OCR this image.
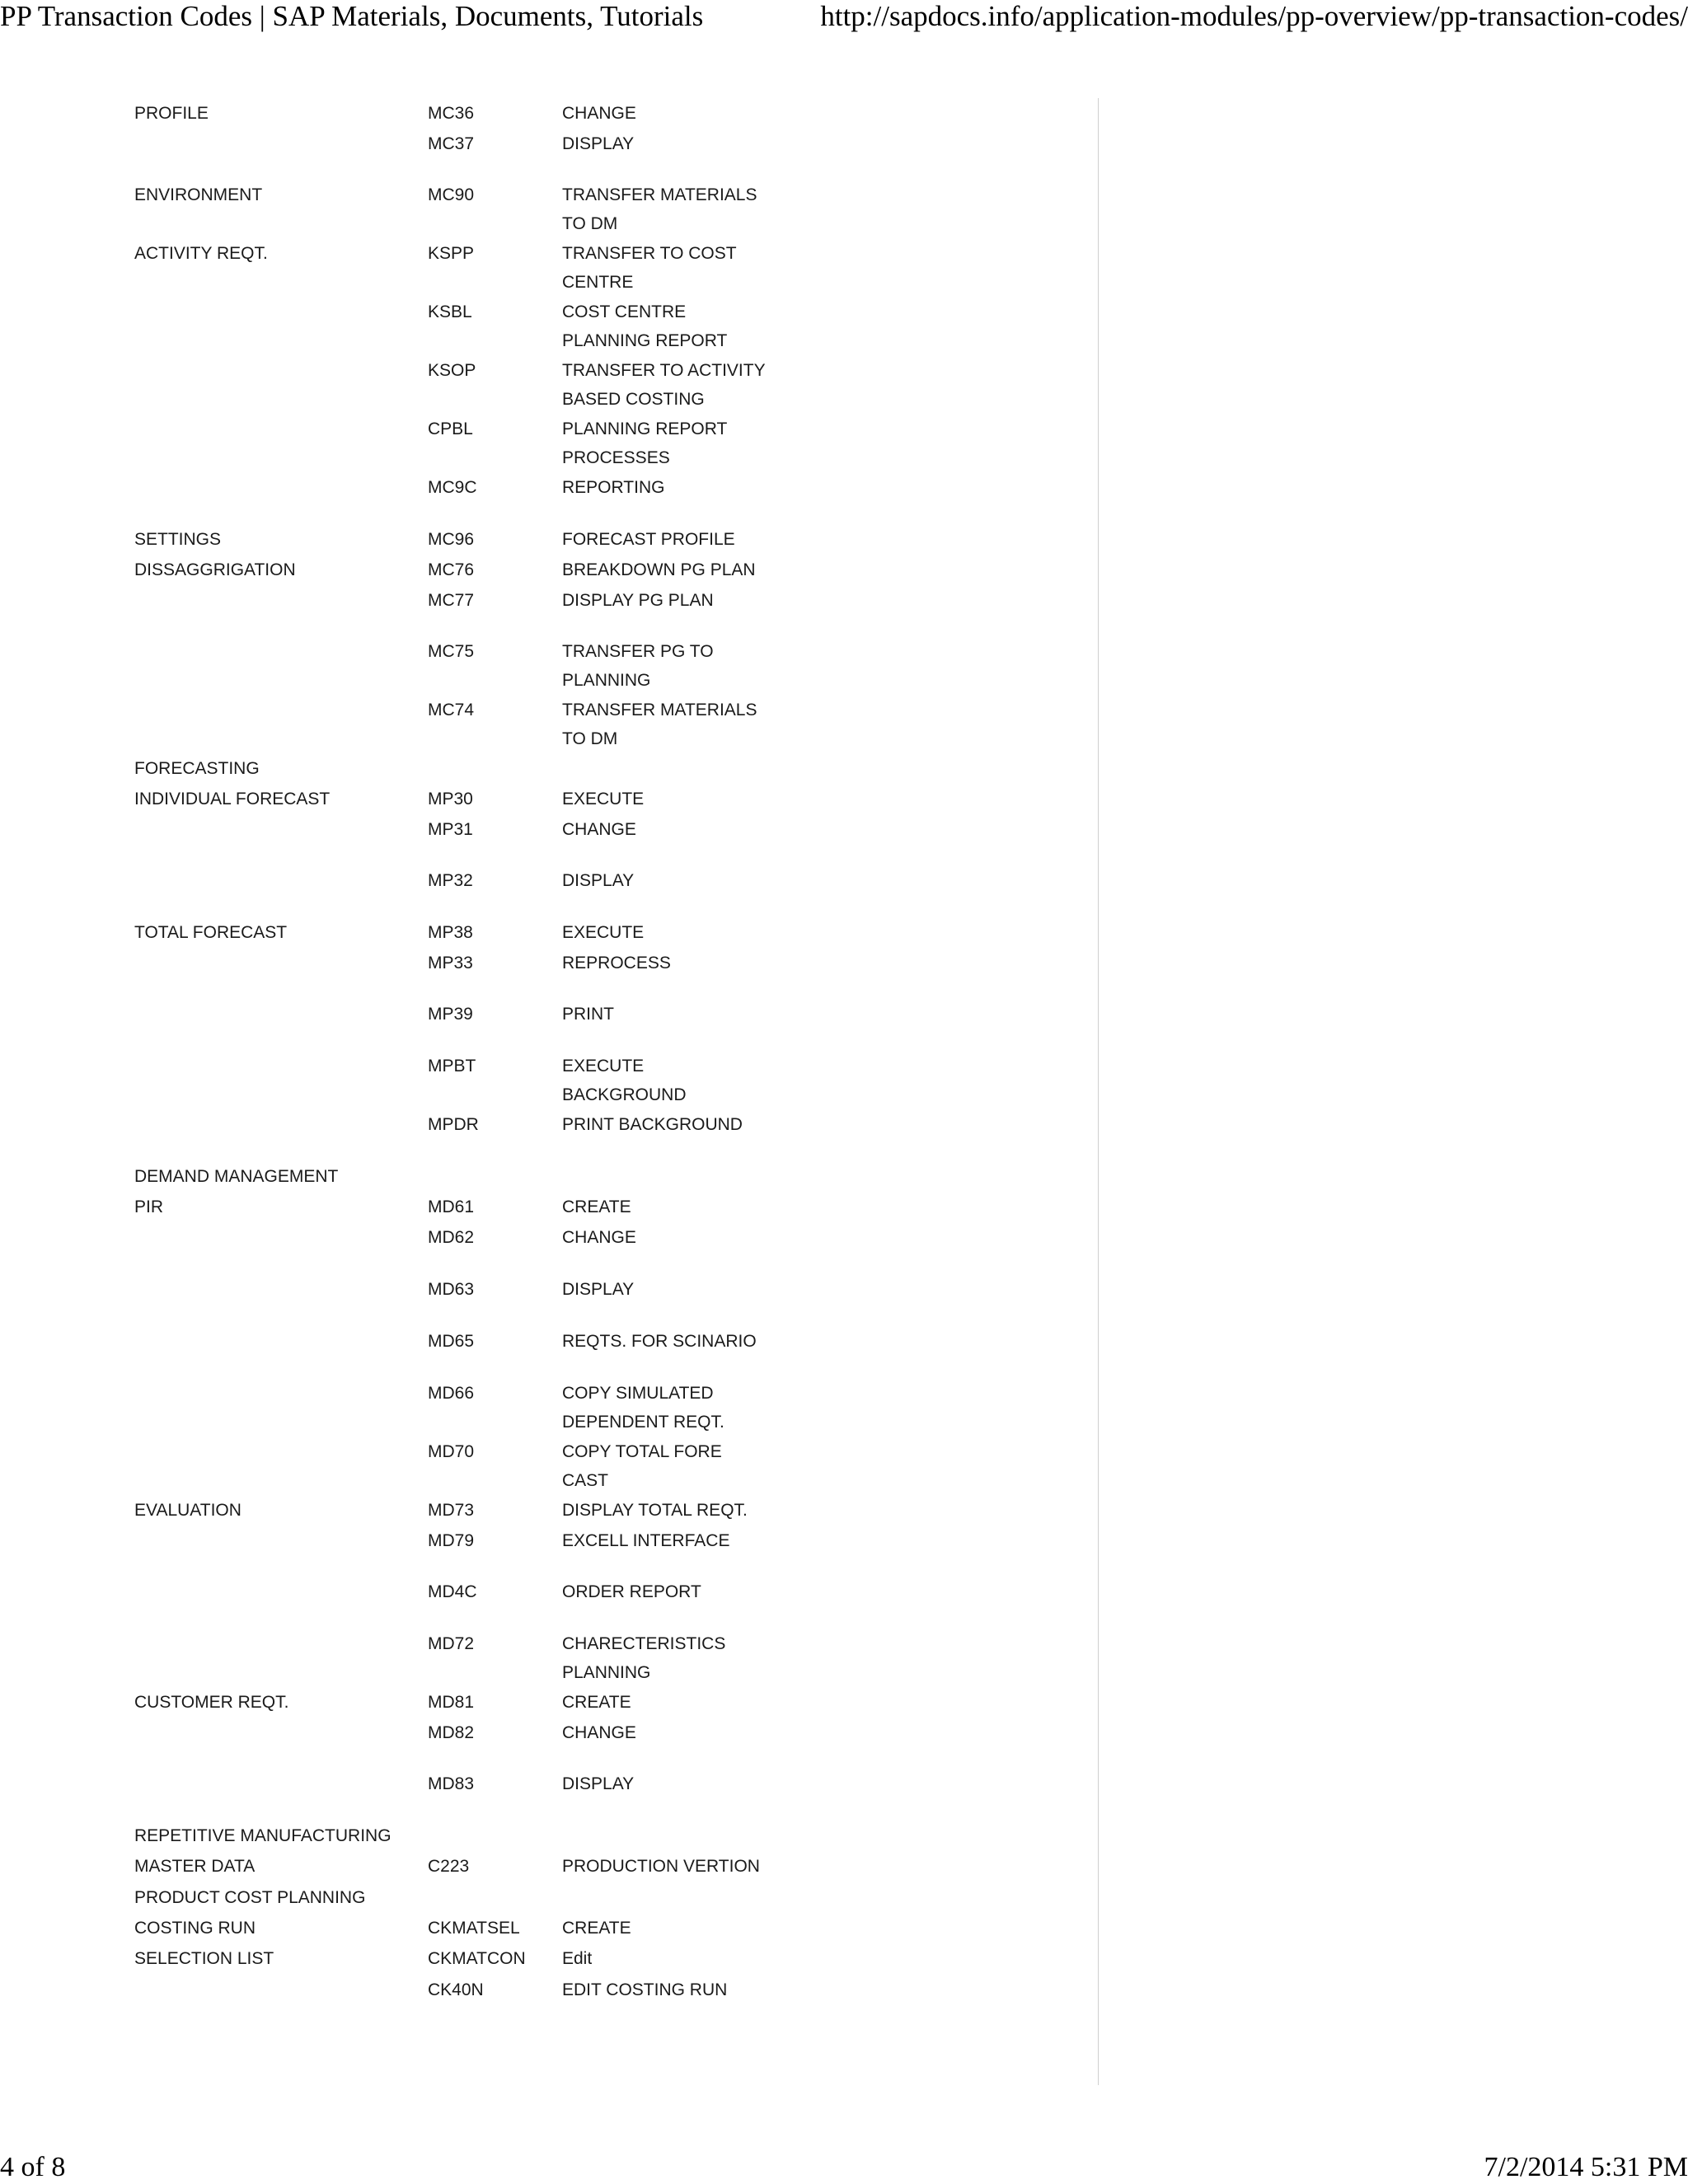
PP Transaction Codes | SAP Materials, Documents, Tutorials	http://sapdocs.info/application-modules/pp-overview/pp-transaction-codes/
PROFILE	MC36	CHANGE
MC37	DISPLAY
ENVIRONMENT	MC90	TRANSFER MATERIALS
TO DM
ACTIVITY REQT.	KSPP	TRANSFER TO COST
CENTRE
KSBL	COST CENTRE
PLANNING REPORT
KSOP	TRANSFER TO ACTIVITY
BASED COSTING
CPBL	PLANNING REPORT
PROCESSES
MC9C	REPORTING
SETTINGS	MC96	FORECAST PROFILE
DISSAGGRIGATION	MC76	BREAKDOWN PG PLAN
MC77	DISPLAY PG PLAN
MC75	TRANSFER PG TO
PLANNING
MC74	TRANSFER MATERIALS
TO DM
FORECASTING
INDIVIDUAL FORECAST	MP30	EXECUTE
MP31	CHANGE
MP32	DISPLAY
TOTAL FORECAST	MP38	EXECUTE
MP33	REPROCESS
MP39	PRINT
MPBT	EXECUTE
BACKGROUND
MPDR	PRINT BACKGROUND
DEMAND MANAGEMENT
PIR	MD61	CREATE
MD62	CHANGE
MD63	DISPLAY
MD65	REQTS. FOR SCINARIO
MD66	COPY SIMULATED
DEPENDENT REQT.
MD70	COPY TOTAL FORE
CAST
EVALUATION	MD73	DISPLAY TOTAL REQT.
MD79	EXCELL INTERFACE
MD4C	ORDER REPORT
MD72	CHARECTERISTICS
PLANNING
CUSTOMER REQT.	MD81	CREATE
MD82	CHANGE
MD83	DISPLAY
REPETITIVE MANUFACTURING
MASTER DATA	C223	PRODUCTION VERTION
PRODUCT COST PLANNING
COSTING RUN	CKMATSEL CREATE
SELECTION LIST	CKMATCON Edit
CK40N	EDIT COSTING RUN
4 of 8	7/2/2014 5:31 PM
